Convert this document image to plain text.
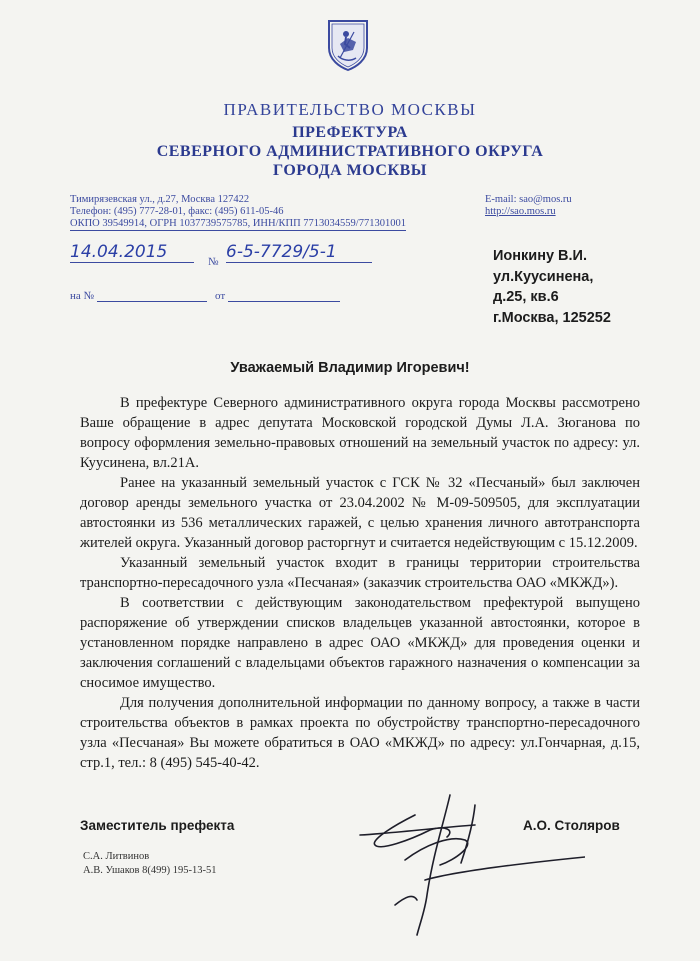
ПРАВИТЕЛЬСТВО МОСКВЫ
ПРЕФЕКТУРА
СЕВЕРНОГО АДМИНИСТРАТИВНОГО ОКРУГА
ГОРОДА МОСКВЫ
Тимирязевская ул., д.27, Москва 127422
Телефон: (495) 777-28-01, факс: (495) 611-05-46
ОКПО 39549914, ОГРН 1037739575785, ИНН/КПП 7713034559/771301001
E-mail: sao@mos.ru
http://sao.mos.ru
14.04.2015	№ 6-5-7729/5-1
на №	от
Ионкину В.И.
ул.Куусинена,
д.25, кв.6
г.Москва, 125252
Уважаемый Владимир Игоревич!

В префектуре Северного административного округа города Москвы рассмотрено Ваше обращение в адрес депутата Московской городской Думы Л.А. Зюганова по вопросу оформления земельно-правовых отношений на земельный участок по адресу: ул. Куусинена, вл.21А.

Ранее на указанный земельный участок с ГСК № 32 «Песчаный» был заключен договор аренды земельного участка от 23.04.2002 № М-09-509505, для эксплуатации автостоянки из 536 металлических гаражей, с целью хранения личного автотранспорта жителей округа. Указанный договор расторгнут и считается недействующим с 15.12.2009.

Указанный земельный участок входит в границы территории строительства транспортно-пересадочного узла «Песчаная» (заказчик строительства ОАО «МКЖД»).

В соответствии с действующим законодательством префектурой выпущено распоряжение об утверждении списков владельцев указанной автостоянки, которое в установленном порядке направлено в адрес ОАО «МКЖД» для проведения оценки и заключения соглашений с владельцами объектов гаражного назначения о компенсации за сносимое имущество.

Для получения дополнительной информации по данному вопросу, а также в части строительства объектов в рамках проекта по обустройству транспортно-пересадочного узла «Песчаная» Вы можете обратиться в ОАО «МКЖД» по адресу: ул.Гончарная, д.15, стр.1, тел.: 8 (495) 545-40-42.

Заместитель префекта	А.О. Столяров
С.А. Литвинов
А.В. Ушаков 8(499) 195-13-51
